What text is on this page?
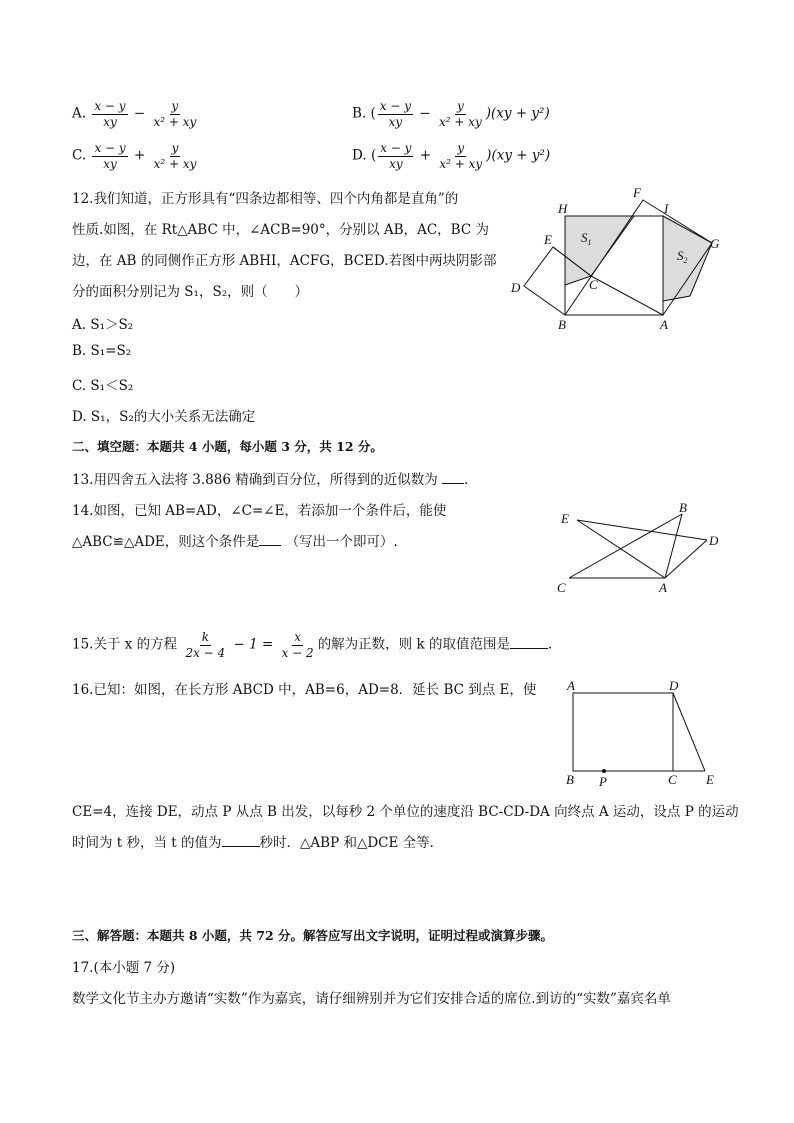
A. $\frac{x - y}{xy} - \frac{y}{\text{x² + xy}}$	B. ( $\frac{x - y}{xy} - \frac{y}{\text{x² + xy}} )(xy + y^2)$
C. $\frac{x - y}{xy} + \frac{y}{\text{x² + xy}}$	D. ( $\frac{x - y}{xy} + \frac{y}{\text{x² + xy}} )(xy + y^2)$
12.我们知道，正方形具有“四条边都相等、四个内角都是直角”的
性质.如图，在 Rt△ABC 中，∠ACB=90°，分别以 AB，AC，BC 为
边，在 AB 的同侧作正方形 ABHI，ACFG，BCED.若图中两块阴影部
分的面积分别记为 S₁，S₂，则（　　）
A. S₁＞S₂
B. S₁=S₂
C. S₁＜S₂
D. S₁，S₂的大小关系无法确定
H
F
I
G
E
D	C
B	A
$S_1$
$S_2$
二、填空题：本题共 4 小题，每小题 3 分，共 12 分。
13.用四舍五入法将 3.886 精确到百分位，所得到的近似数为 .
14.如图，已知 AB=AD，∠C=∠E，若添加一个条件后，能使
△ABC≌△ADE，则这个条件是 （写出一个即可）.
E
B
D
C	A
15.关于 x 的方程 $\frac{k}{2x - 4} - 1 = \frac{x}{x - 2}$ 的解为正数，则 k 的取值范围是	.
16.已知：如图，在长方形 ABCD 中，AB=6，AD=8．延长 BC 到点 E，使 A	D
B P	C E
CE=4，连接 DE，动点 P 从点 B 出发，以每秒 2 个单位的速度沿 BC-CD-DA 向终点 A 运动，设点 P 的运动
时间为 t 秒，当 t 的值为	秒时．△ABP 和△DCE 全等．
三、解答题：本题共 8 小题，共 72 分。解答应写出文字说明，证明过程或演算步骤。
17.(本小题 7 分)
数学文化节主办方邀请“实数”作为嘉宾，请仔细辨别并为它们安排合适的席位.到访的“实数”嘉宾名单
